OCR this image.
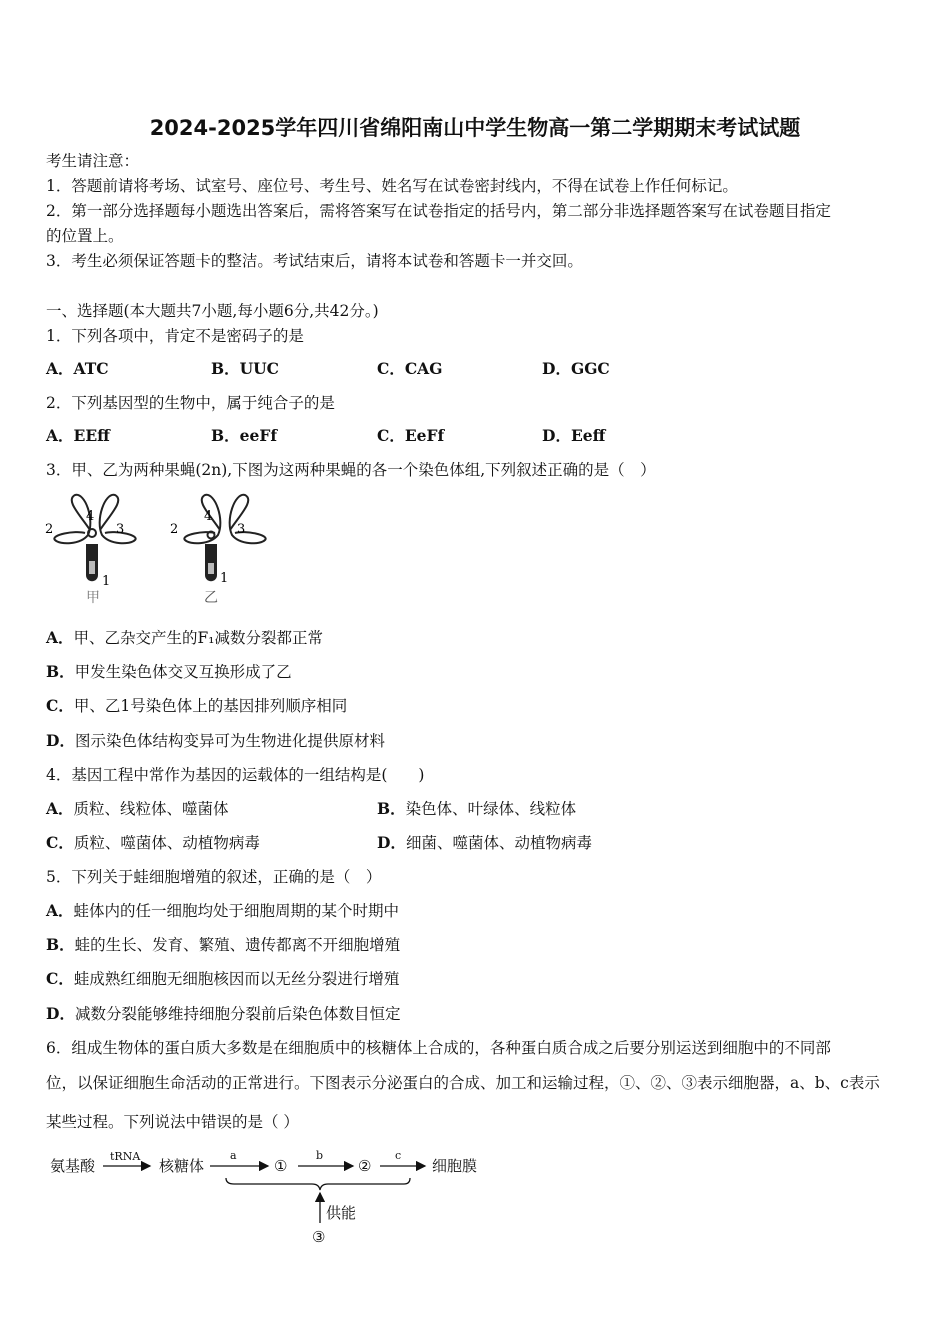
2024-2025学年四川省绵阳南山中学生物高一第二学期期末考试试题
考生请注意：
1．答题前请将考场、试室号、座位号、考生号、姓名写在试卷密封线内，不得在试卷上作任何标记。
2．第一部分选择题每小题选出答案后，需将答案写在试卷指定的括号内，第二部分非选择题答案写在试卷题目指定
的位置上。
3．考生必须保证答题卡的整洁。考试结束后，请将本试卷和答题卡一并交回。
一、选择题(本大题共7小题,每小题6分,共42分。)
1．下列各项中，肯定不是密码子的是
A．ATC	B．UUC	C．CAG	D．GGC
2．下列基因型的生物中，属于纯合子的是
A．EEff	B．eeFf	C．EeFf	D．Eeff
3．甲、乙为两种果蝇(2n),下图为这两种果蝇的各一个染色体组,下列叙述正确的是（　）
2	3
4
1
2	3
4
1
甲	乙
A．甲、乙杂交产生的F₁减数分裂都正常
B．甲发生染色体交叉互换形成了乙
C．甲、乙1号染色体上的基因排列顺序相同
D．图示染色体结构变异可为生物进化提供原材料
4．基因工程中常作为基因的运载体的一组结构是(　　)
A．质粒、线粒体、噬菌体	B．染色体、叶绿体、线粒体
C．质粒、噬菌体、动植物病毒	D．细菌、噬菌体、动植物病毒
5．下列关于蛙细胞增殖的叙述，正确的是（　）
A．蛙体内的任一细胞均处于细胞周期的某个时期中
B．蛙的生长、发育、繁殖、遗传都离不开细胞增殖
C．蛙成熟红细胞无细胞核因而以无丝分裂进行增殖
D．减数分裂能够维持细胞分裂前后染色体数目恒定
6．组成生物体的蛋白质大多数是在细胞质中的核糖体上合成的，各种蛋白质合成之后要分别运送到细胞中的不同部
位，以保证细胞生命活动的正常进行。下图表示分泌蛋白的合成、加工和运输过程，①、②、③表示细胞器，a、b、c表示
某些过程。下列说法中错误的是（ ）
氨基酸	核糖体	①	②	细胞膜
③
供能
tRNA	a	b	c
